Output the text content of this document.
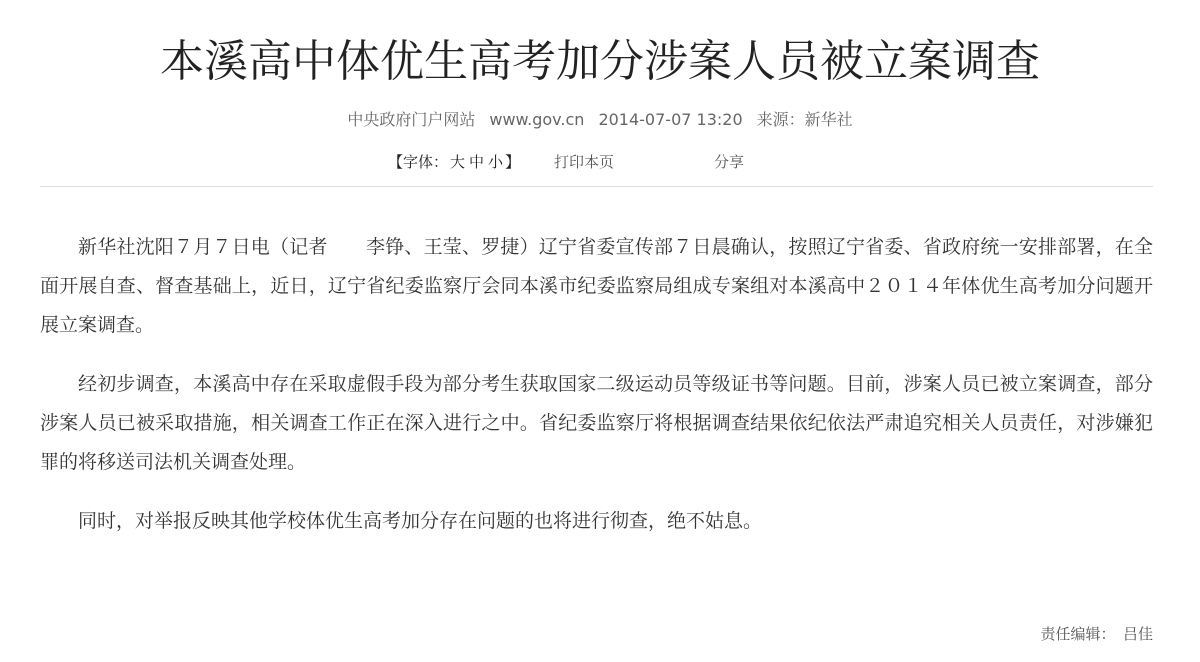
本溪高中体优生高考加分涉案人员被立案调查
中央政府门户网站 www.gov.cn 2014-07-07 13:20 来源：新华社
【字体： 大 中 小 】 打印本页	分享

新华社沈阳７月７日电（记者　　李铮、王莹、罗捷）辽宁省委宣传部７日晨确认，按照辽宁省委、省政府统一安排部署，在全面开展自查、督查基础上，近日，辽宁省纪委监察厅会同本溪市纪委监察局组成专案组对本溪高中２０１４年体优生高考加分问题开展立案调查。

经初步调查，本溪高中存在采取虚假手段为部分考生获取国家二级运动员等级证书等问题。目前，涉案人员已被立案调查，部分涉案人员已被采取措施，相关调查工作正在深入进行之中。省纪委监察厅将根据调查结果依纪依法严肃追究相关人员责任，对涉嫌犯罪的将移送司法机关调查处理。

同时，对举报反映其他学校体优生高考加分存在问题的也将进行彻查，绝不姑息。

责任编辑：　吕佳
